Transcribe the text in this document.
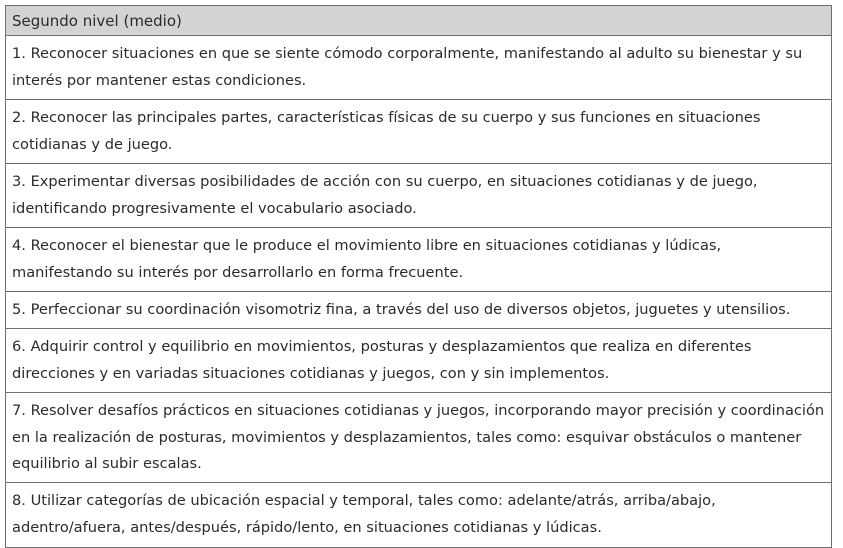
Segundo nivel (medio)
1. Reconocer situaciones en que se siente cómodo corporalmente, manifestando al adulto su bienestar y su interés por mantener estas condiciones.
2. Reconocer las principales partes, características físicas de su cuerpo y sus funciones en situaciones cotidianas y de juego.
3. Experimentar diversas posibilidades de acción con su cuerpo, en situaciones cotidianas y de juego, identificando progresivamente el vocabulario asociado.
4. Reconocer el bienestar que le produce el movimiento libre en situaciones cotidianas y lúdicas, manifestando su interés por desarrollarlo en forma frecuente.
5. Perfeccionar su coordinación visomotriz fina, a través del uso de diversos objetos, juguetes y utensilios.
6. Adquirir control y equilibrio en movimientos, posturas y desplazamientos que realiza en diferentes direcciones y en variadas situaciones cotidianas y juegos, con y sin implementos.
7. Resolver desafíos prácticos en situaciones cotidianas y juegos, incorporando mayor precisión y coordinación en la realización de posturas, movimientos y desplazamientos, tales como: esquivar obstáculos o mantener equilibrio al subir escalas.
8. Utilizar categorías de ubicación espacial y temporal, tales como: adelante/atrás, arriba/abajo, adentro/afuera, antes/después, rápido/lento, en situaciones cotidianas y lúdicas.
